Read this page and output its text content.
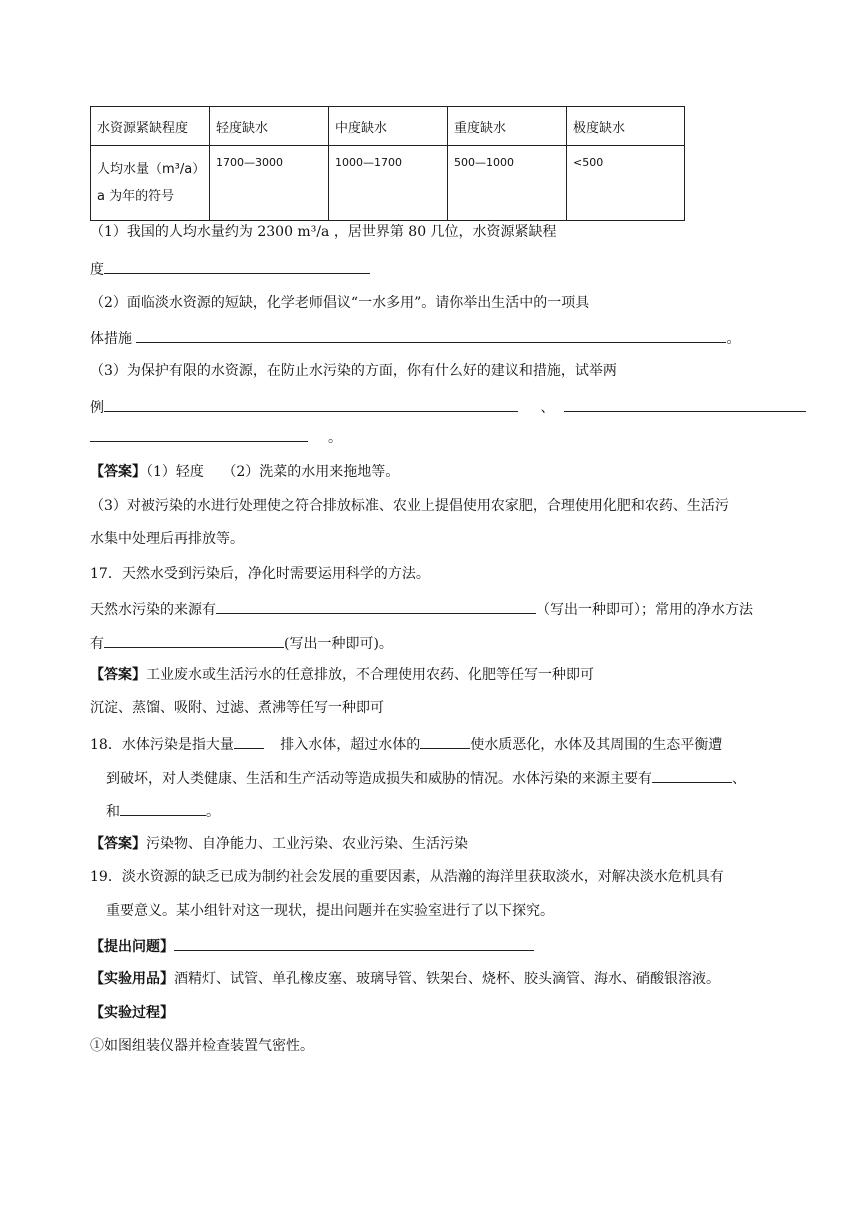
水资源紧缺程度	轻度缺水	中度缺水	重度缺水	极度缺水

人均水量（m³/a）
a 为年的符号	1700—3000	1000—1700	500—1000	<500
（1）我国的人均水量约为 2300 m³/a ，居世界第 80 几位，水资源紧缺程
度
（2）面临淡水资源的短缺，化学老师倡议“一水多用”。请你举出生活中的一项具
体措施	。
（3）为保护有限的水资源，在防止水污染的方面，你有什么好的建议和措施，试举两
例	、
。
【答案】（1）轻度　 （2）洗菜的水用来拖地等。
（3）对被污染的水进行处理使之符合排放标准、农业上提倡使用农家肥，合理使用化肥和农药、生活污
水集中处理后再排放等。
17．天然水受到污染后，净化时需要运用科学的方法。
天然水污染的来源有	（写出一种即可）；常用的净水方法
有	(写出一种即可)。
【答案】工业废水或生活污水的任意排放，不合理使用农药、化肥等任写一种即可
沉淀、蒸馏、吸附、过滤、煮沸等任写一种即可
18．水体污染是指大量	排入水体，超过水体的	使水质恶化，水体及其周围的生态平衡遭
到破坏，对人类健康、生活和生产活动等造成损失和威胁的情况。水体污染的来源主要有	、
和	。
【答案】污染物、自净能力、工业污染、农业污染、生活污染
19．淡水资源的缺乏已成为制约社会发展的重要因素，从浩瀚的海洋里获取淡水，对解决淡水危机具有
重要意义。某小组针对这一现状，提出问题并在实验室进行了以下探究。
【提出问题】
【实验用品】酒精灯、试管、单孔橡皮塞、玻璃导管、铁架台、烧杯、胶头滴管、海水、硝酸银溶液。
【实验过程】
①如图组装仪器并检查装置气密性。
